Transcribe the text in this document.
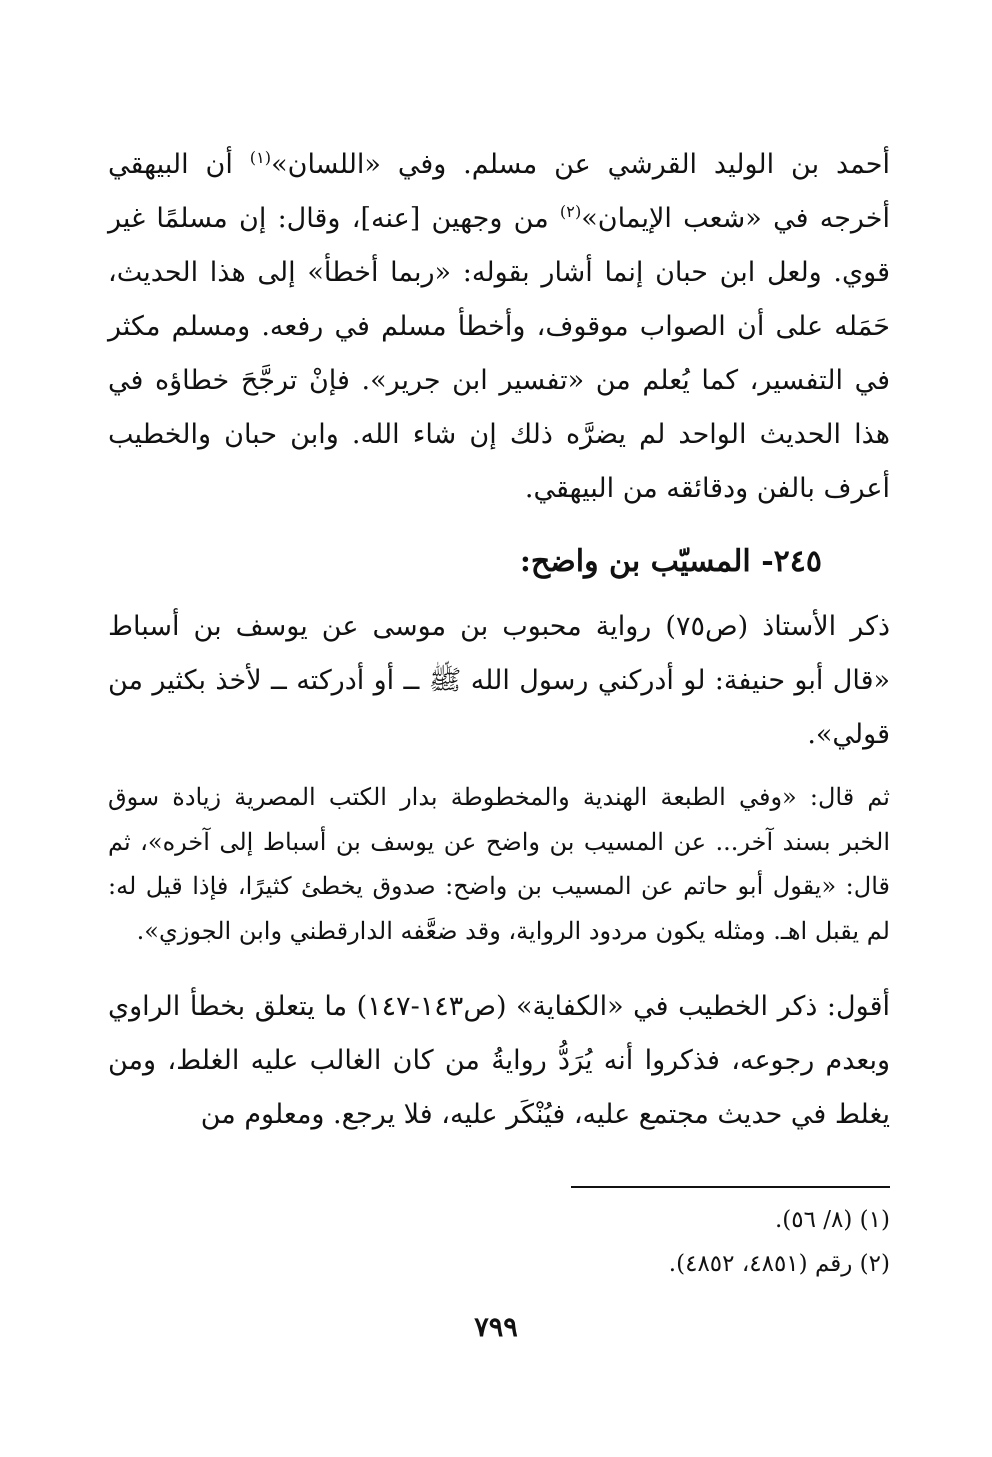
أحمد بن الوليد القرشي عن مسلم. وفي «اللسان»$^{(١)}$ أن البيهقي أخرجه في «شعب الإيمان»$^{(٢)}$ من وجهين [عنه]، وقال: إن مسلمًا غير قوي. ولعل ابن حبان إنما أشار بقوله: «ربما أخطأ» إلى هذا الحديث، حَمَله على أن الصواب موقوف، وأخطأ مسلم في رفعه. ومسلم مكثر في التفسير، كما يُعلم من «تفسير ابن جرير». فإنْ ترجَّحَ خطاؤه في هذا الحديث الواحد لم يضرَّه ذلك إن شاء الله. وابن حبان والخطيب أعرف بالفن ودقائقه من البيهقي.

٢٤٥- المسيّب بن واضح:

ذكر الأستاذ (ص٧٥) رواية محبوب بن موسى عن يوسف بن أسباط «قال أبو حنيفة: لو أدركني رسول الله ﷺ ــ أو أدركته ــ لأخذ بكثير من قولي».

ثم قال: «وفي الطبعة الهندية والمخطوطة بدار الكتب المصرية زيادة سوق الخبر بسند آخر... عن المسيب بن واضح عن يوسف بن أسباط إلى آخره»، ثم قال: «يقول أبو حاتم عن المسيب بن واضح: صدوق يخطئ كثيرًا، فإذا قيل له: لم يقبل اهـ. ومثله يكون مردود الرواية، وقد ضعَّفه الدارقطني وابن الجوزي».

أقول: ذكر الخطيب في «الكفاية» (ص١٤٣-١٤٧) ما يتعلق بخطأ الراوي وبعدم رجوعه، فذكروا أنه يُرَدُّ روايةُ من كان الغالب عليه الغلط، ومن يغلط في حديث مجتمع عليه، فيُنْكَر عليه، فلا يرجع. ومعلوم من

(١) (٨/ ٥٦).

(٢) رقم (٤٨٥١، ٤٨٥٢).

٧٩٩
